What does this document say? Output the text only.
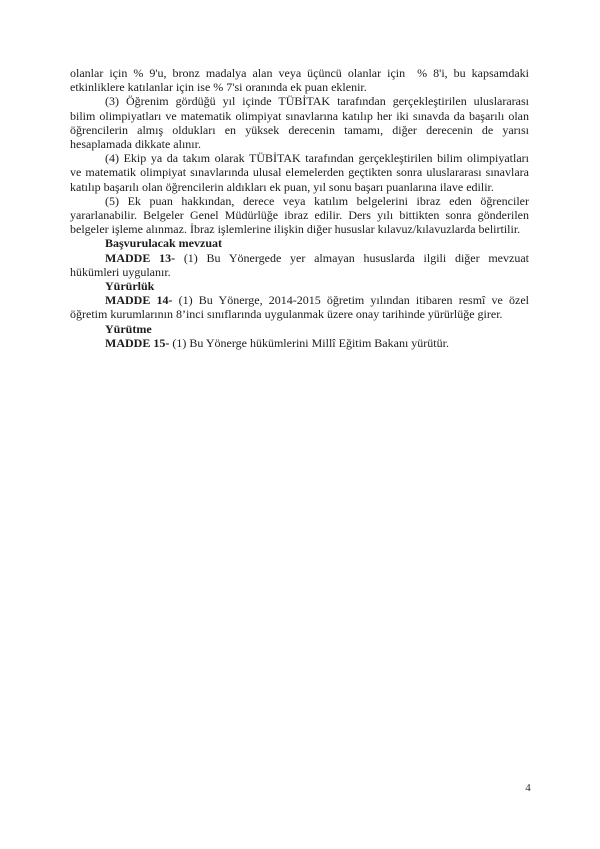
olanlar için % 9'u, bronz madalya alan veya üçüncü olanlar için  % 8'i, bu kapsamdaki
etkinliklere katılanlar için ise % 7'si oranında ek puan eklenir.
(3) Öğrenim gördüğü yıl içinde TÜBİTAK tarafından gerçekleştirilen uluslararası
bilim olimpiyatları ve matematik olimpiyat sınavlarına katılıp her iki sınavda da başarılı olan
öğrencilerin almış oldukları en yüksek derecenin tamamı, diğer derecenin de yarısı
hesaplamada dikkate alınır.
(4) Ekip ya da takım olarak TÜBİTAK tarafından gerçekleştirilen bilim olimpiyatları
ve matematik olimpiyat sınavlarında ulusal elemelerden geçtikten sonra uluslararası sınavlara
katılıp başarılı olan öğrencilerin aldıkları ek puan, yıl sonu başarı puanlarına ilave edilir.
(5) Ek puan hakkından, derece veya katılım belgelerini ibraz eden öğrenciler
yararlanabilir. Belgeler Genel Müdürlüğe ibraz edilir. Ders yılı bittikten sonra gönderilen
belgeler işleme alınmaz. İbraz işlemlerine ilişkin diğer hususlar kılavuz/kılavuzlarda belirtilir.
Başvurulacak mevzuat
MADDE 13- (1) Bu Yönergede yer almayan hususlarda ilgili diğer mevzuat
hükümleri uygulanır.
Yürürlük
MADDE 14- (1) Bu Yönerge, 2014-2015 öğretim yılından itibaren resmî ve özel
öğretim kurumlarının 8’inci sınıflarında uygulanmak üzere onay tarihinde yürürlüğe girer.
Yürütme
MADDE 15- (1) Bu Yönerge hükümlerini Millî Eğitim Bakanı yürütür.
4
